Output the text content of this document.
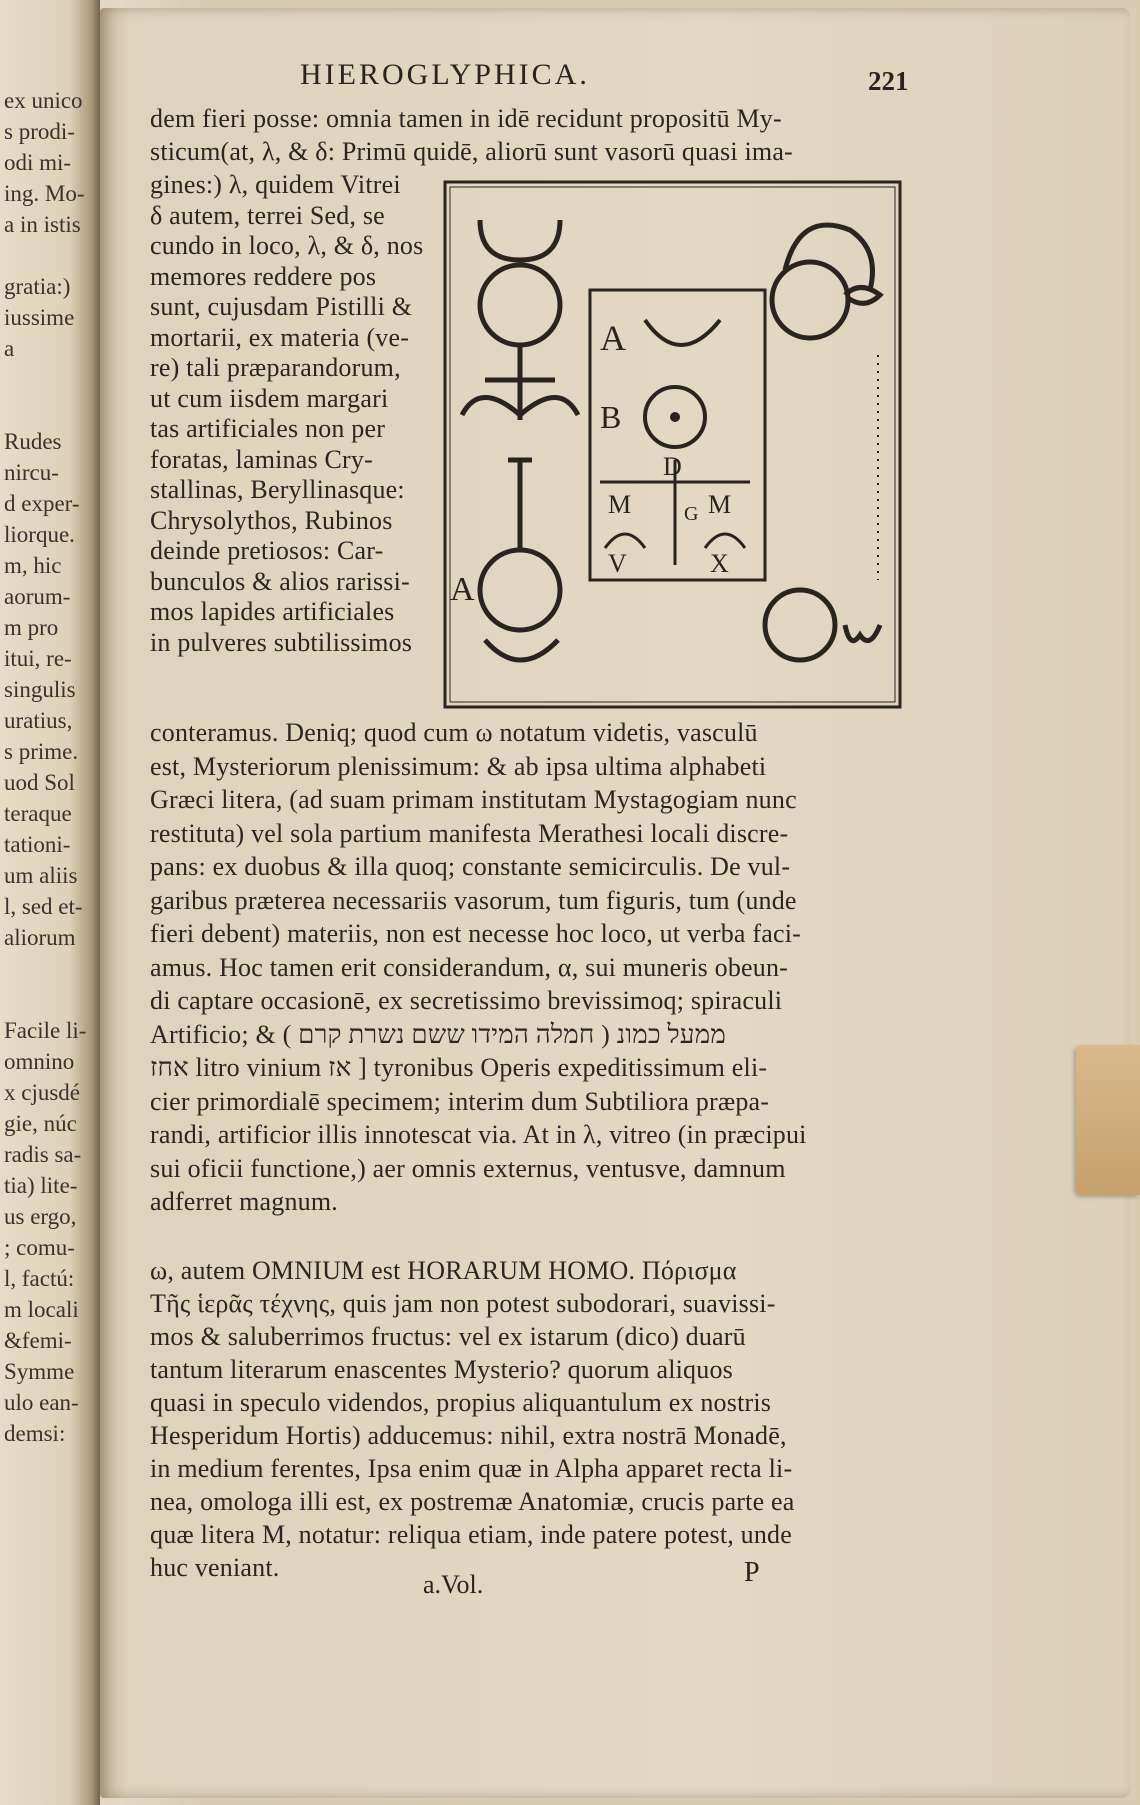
ex unico
s prodi-
odi mi-
ing. Mo-
a in istis
gratia:)
iussime
a
Rudes
nircu-
d exper-
liorque.
m, hic
aorum-
m pro
itui, re-
singulis
uratius,
s prime.
uod Sol
teraque
tationi-
um aliis
l, sed et-
aliorum
Facile li-
omnino
x cjusdé
gie, núc
radis sa-
tia) lite-
us ergo,
; comu-
l, factú:
m locali
&femi-
Symme
ulo ean-
demsi:
HIEROGLYPHICA.	221
dem fieri posse: omnia tamen in idē recidunt propositū My-
sticum(at, λ, & δ: Primū quidē, aliorū sunt vasorū quasi ima-
gines:) λ, quidem Vitrei
δ autem, terrei Sed, se
cundo in loco, λ, & δ, nos
memores reddere pos
sunt, cujusdam Pistilli &
mortarii, ex materia (ve-
re) tali præparandorum,
ut cum iisdem margari
tas artificiales non per
foratas, laminas Cry-
stallinas, Beryllinasque:
Chrysolythos, Rubinos
deinde pretiosos: Car-
bunculos & alios rarissi-
mos lapides artificiales
in pulveres subtilissimos
conteramus. Deniq; quod cum ω notatum videtis, vasculū
est, Mysteriorum plenissimum: & ab ipsa ultima alphabeti
Græci litera, (ad suam primam institutam Mystagogiam nunc
restituta) vel sola partium manifesta Merathesi locali discre-
pans: ex duobus & illa quoq; constante semicirculis. De vul-
garibus præterea necessariis vasorum, tum figuris, tum (unde
fieri debent) materiis, non est necesse hoc loco, ut verba faci-
amus. Hoc tamen erit considerandum, α, sui muneris obeun-
di captare occasionē, ex secretissimo brevissimoq; spiraculi
Artificio; & ( חמלה המידו ששם נשרת קרם ) ממעל כמונ
אחז litro vinium אז ] tyronibus Operis expeditissimum eli-
cier primordialē specimem; interim dum Subtiliora præpa-
randi, artificior illis innotescat via. At in λ, vitreo (in præcipui
sui oficii functione,) aer omnis externus, ventusve, damnum
adferret magnum.
ω, autem OMNIUM est HORARUM HOMO. Πόρισμα
Tῆς ἱερᾶς τέχνης, quis jam non potest subodorari, suavissi-
mos & saluberrimos fructus: vel ex istarum (dico) duarū
tantum literarum enascentes Mysterio? quorum aliquos
quasi in speculo videndos, propius aliquantulum ex nostris
Hesperidum Hortis) adducemus: nihil, extra nostrā Monadē,
in medium ferentes, Ipsa enim quæ in Alpha apparet recta li-
nea, omologa illi est, ex postremæ Anatomiæ, crucis parte ea
quæ litera M, notatur: reliqua etiam, inde patere potest, unde
huc veniant.
A
A
B
D
M	G M
V	X
a.Vol.	P
